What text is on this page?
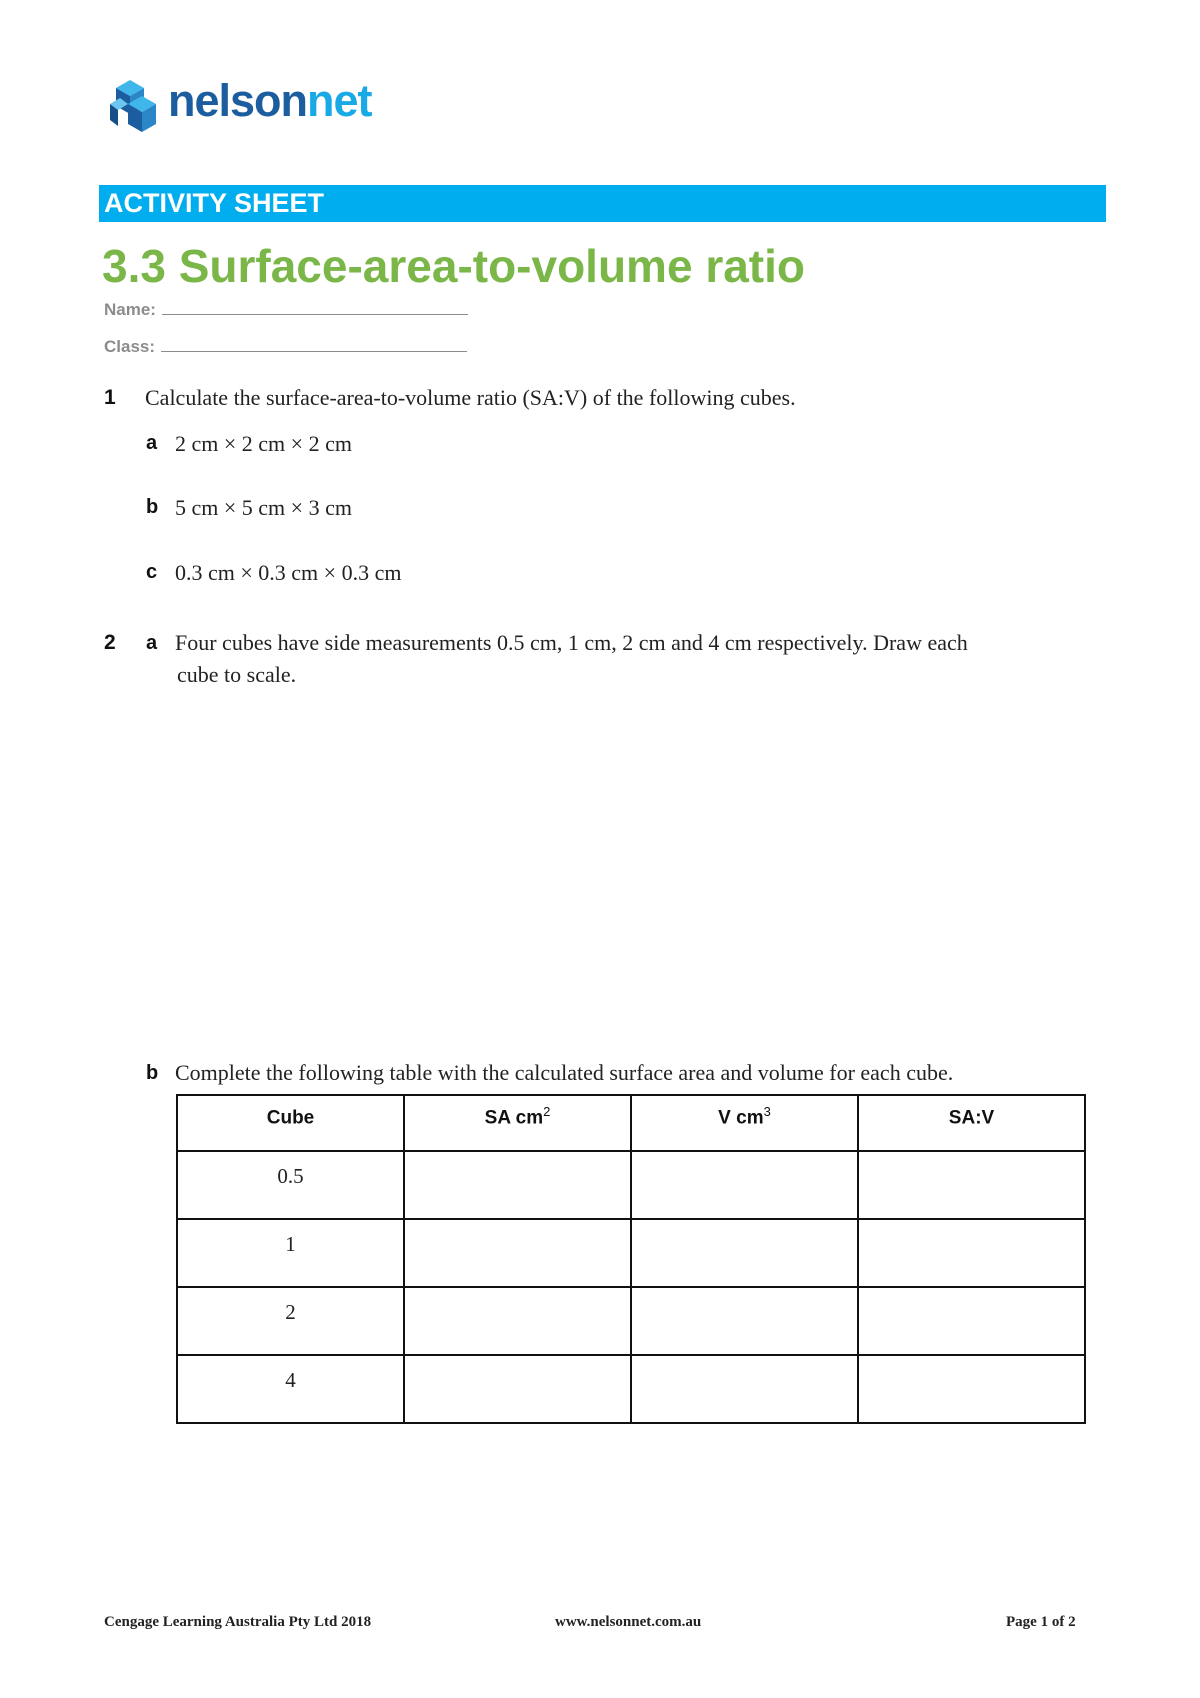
nelsonnet
ACTIVITY SHEET
3.3 Surface-area-to-volume ratio
Name:
Class:
1 Calculate the surface-area-to-volume ratio (SA:V) of the following cubes.
a 2 cm × 2 cm × 2 cm
b 5 cm × 5 cm × 3 cm
c 0.3 cm × 0.3 cm × 0.3 cm
2 a Four cubes have side measurements 0.5 cm, 1 cm, 2 cm and 4 cm respectively. Draw each
cube to scale.
b Complete the following table with the calculated surface area and volume for each cube.
Cube	SA $cm^2$	V $cm^3$	SA:V
0.5			
1			
2			
4			
Cengage Learning Australia Pty Ltd 2018	www.nelsonnet.com.au	Page 1 of 2
